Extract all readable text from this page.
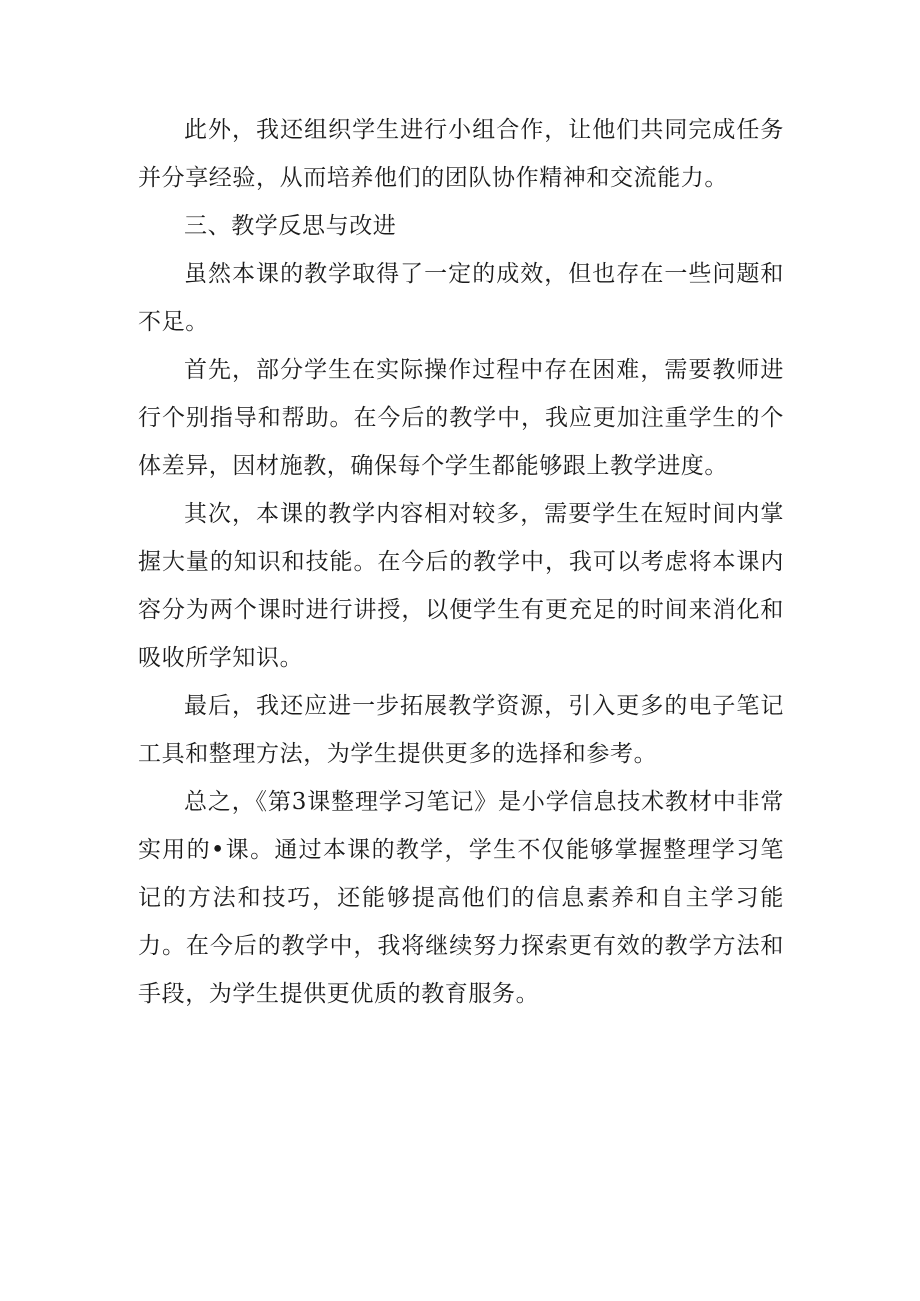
此外，我还组织学生进行小组合作，让他们共同完成任务并分享经验，从而培养他们的团队协作精神和交流能力。

三、教学反思与改进

虽然本课的教学取得了一定的成效，但也存在一些问题和不足。

首先，部分学生在实际操作过程中存在困难，需要教师进行个别指导和帮助。在今后的教学中，我应更加注重学生的个体差异，因材施教，确保每个学生都能够跟上教学进度。

其次，本课的教学内容相对较多，需要学生在短时间内掌握大量的知识和技能。在今后的教学中，我可以考虑将本课内容分为两个课时进行讲授，以便学生有更充足的时间来消化和吸收所学知识。

最后，我还应进一步拓展教学资源，引入更多的电子笔记工具和整理方法，为学生提供更多的选择和参考。

总之，《第3课整理学习笔记》是小学信息技术教材中非常实用的•课。通过本课的教学，学生不仅能够掌握整理学习笔记的方法和技巧，还能够提高他们的信息素养和自主学习能力。在今后的教学中，我将继续努力探索更有效的教学方法和手段，为学生提供更优质的教育服务。
